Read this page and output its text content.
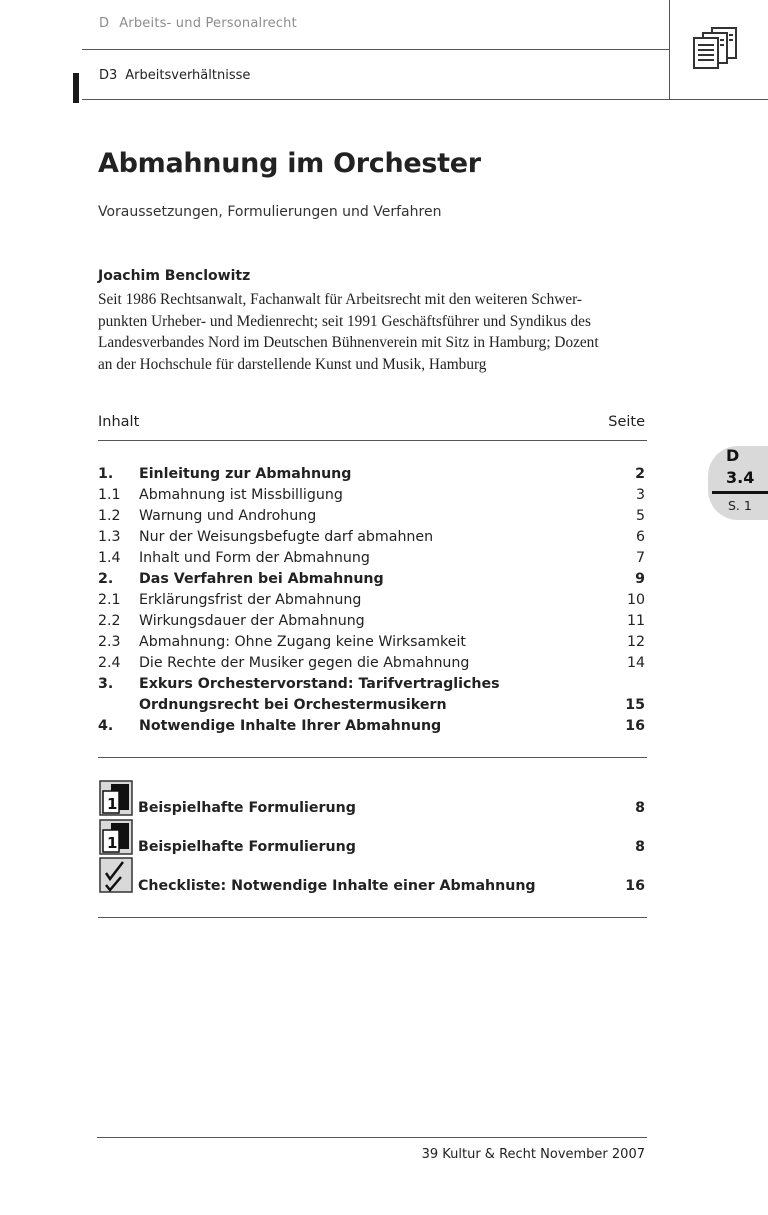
D Arbeits- und Personalrecht
D3 Arbeitsverhältnisse
Abmahnung im Orchester
Voraussetzungen, Formulierungen und Verfahren
Joachim Benclowitz
Seit 1986 Rechtsanwalt, Fachanwalt für Arbeitsrecht mit den weiteren Schwer-
punkten Urheber- und Medienrecht; seit 1991 Geschäftsführer und Syndikus des
Landesverbandes Nord im Deutschen Bühnenverein mit Sitz in Hamburg; Dozent
an der Hochschule für darstellende Kunst und Musik, Hamburg
Inhalt	Seite
1. Einleitung zur Abmahnung	2
1.1 Abmahnung ist Missbilligung	3
1.2 Warnung und Androhung	5
1.3 Nur der Weisungsbefugte darf abmahnen	6
1.4 Inhalt und Form der Abmahnung	7
2. Das Verfahren bei Abmahnung	9
2.1 Erklärungsfrist der Abmahnung	10
2.2 Wirkungsdauer der Abmahnung	11
2.3 Abmahnung: Ohne Zugang keine Wirksamkeit	12
2.4 Die Rechte der Musiker gegen die Abmahnung	14
3. Exkurs Orchestervorstand: Tarifvertragliches
Ordnungsrecht bei Orchestermusikern	15
4. Notwendige Inhalte Ihrer Abmahnung	16
1 Beispielhafte Formulierung	8
1 Beispielhafte Formulierung	8
Checkliste: Notwendige Inhalte einer Abmahnung	16
D
3.4
S. 1
39 Kultur & Recht November 2007
